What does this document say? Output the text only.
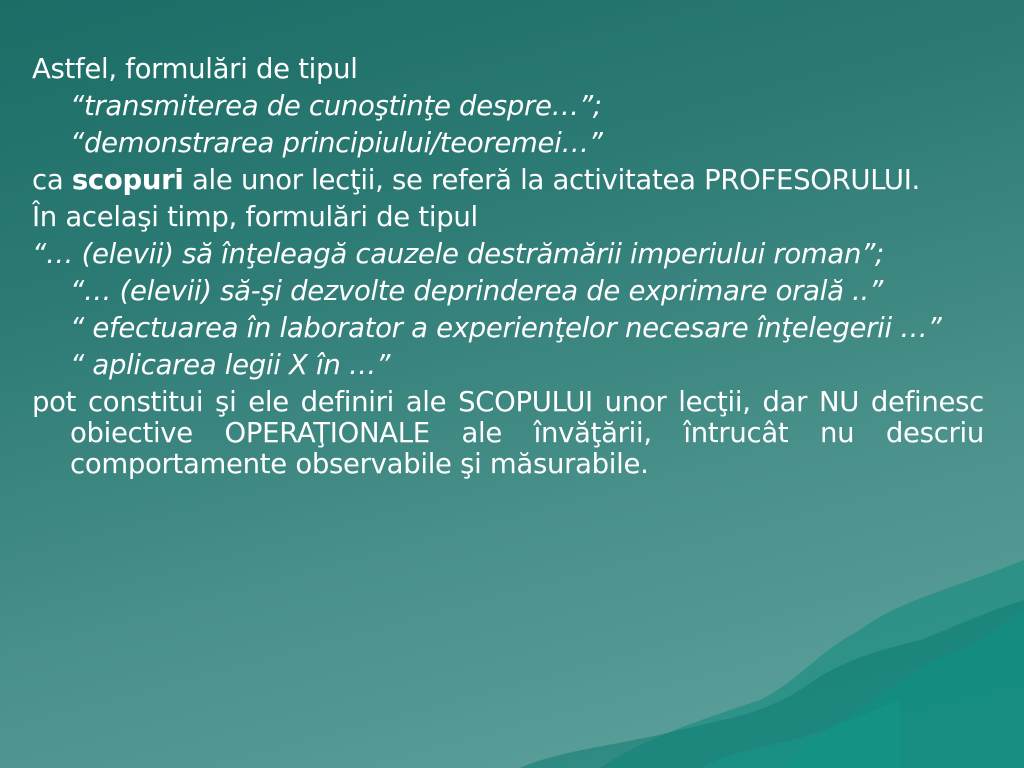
Astfel, formulări de tipul

“transmiterea de cunoştinţe despre…”;

“demonstrarea principiului/teoremei…”

ca scopuri ale unor lecţii, se referă la activitatea PROFESORULUI.

În acelaşi timp, formulări de tipul

“… (elevii) să înţeleagă cauzele destrămării imperiului roman”;

“… (elevii) să-şi dezvolte deprinderea de exprimare orală ..”

“ efectuarea în laborator a experienţelor necesare înţelegerii …”

“ aplicarea legii X în …”

pot constitui şi ele definiri ale SCOPULUI unor lecţii, dar NU definesc obiective OPERAŢIONALE ale învăţării, întrucât nu descriu comportamente observabile şi măsurabile.
